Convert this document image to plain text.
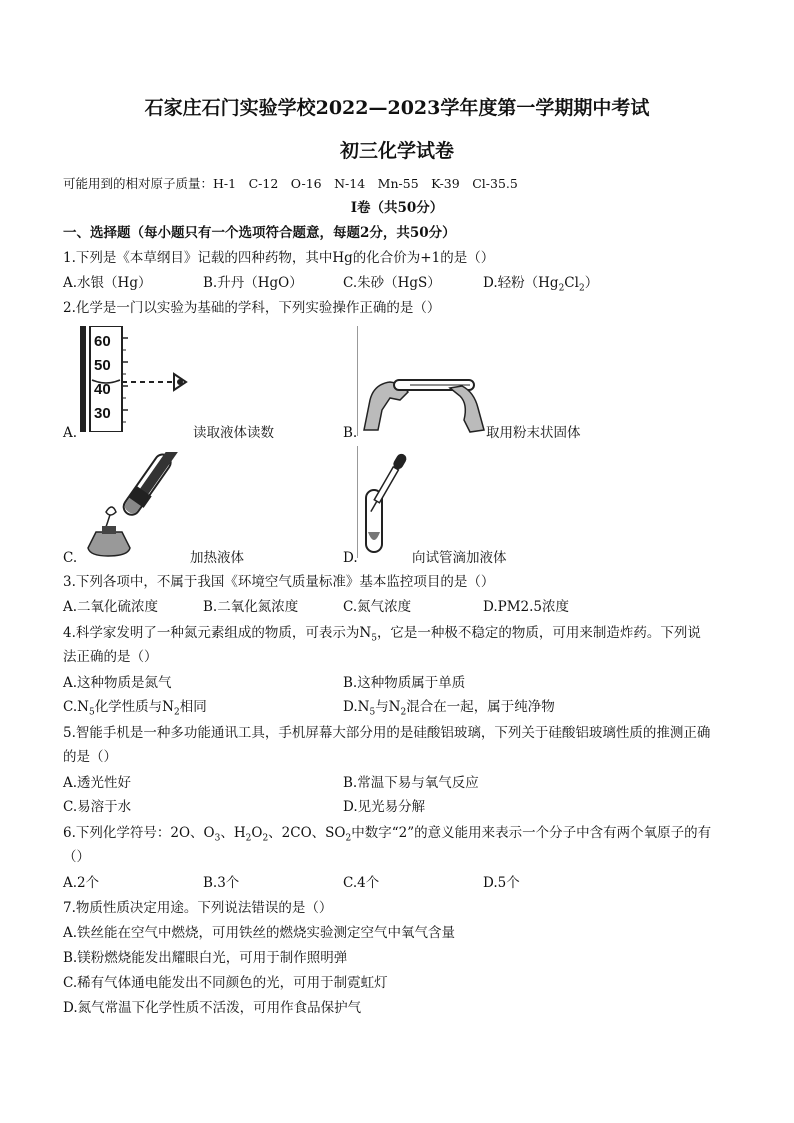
石家庄石门实验学校2022—2023学年度第一学期期中考试
初三化学试卷
可能用到的相对原子质量：H-1　C-12　O-16　N-14　Mn-55　K-39　Cl-35.5
I卷（共50分）
一、选择题（每小题只有一个选项符合题意，每题2分，共50分）
1.下列是《本草纲目》记载的四种药物，其中Hg的化合价为+1的是（）
A.水银（Hg）	B.升丹（HgO）	C.朱砂（HgS）	D.轻粉$(Hg_2Cl_2)$
2.化学是一门以实验为基础的学科，下列实验操作正确的是（）
60
50
40
30
A.	读取液体读数	B.	取用粉末状固体
C.	加热液体	D.	向试管滴加液体
3.下列各项中，不属于我国《环境空气质量标准》基本监控项目的是（）
A.二氧化硫浓度	B.二氧化氮浓度	C.氮气浓度	D.PM2.5浓度
4.科学家发明了一种氮元素组成的物质，可表示为$N_5$，它是一种极不稳定的物质，可用来制造炸药。下列说
法正确的是（）
A.这种物质是氮气	B.这种物质属于单质
$C.N_5$化学性质与$N_2$相同	$D.N_5$与$N_2$混合在一起，属于纯净物
5.智能手机是一种多功能通讯工具，手机屏幕大部分用的是硅酸铝玻璃，下列关于硅酸铝玻璃性质的推测正确
的是（）
A.透光性好	B.常温下易与氧气反应
C.易溶于水	D.见光易分解
6.下列化学符号：2O、$O_3$、$H_2O_2$、2CO、$SO_2$中数字“2”的意义能用来表示一个分子中含有两个氧原子的有
（）
A.2个	B.3个	C.4个	D.5个
7.物质性质决定用途。下列说法错误的是（）
A.铁丝能在空气中燃烧，可用铁丝的燃烧实验测定空气中氧气含量
B.镁粉燃烧能发出耀眼白光，可用于制作照明弹
C.稀有气体通电能发出不同颜色的光，可用于制霓虹灯
D.氮气常温下化学性质不活泼，可用作食品保护气
